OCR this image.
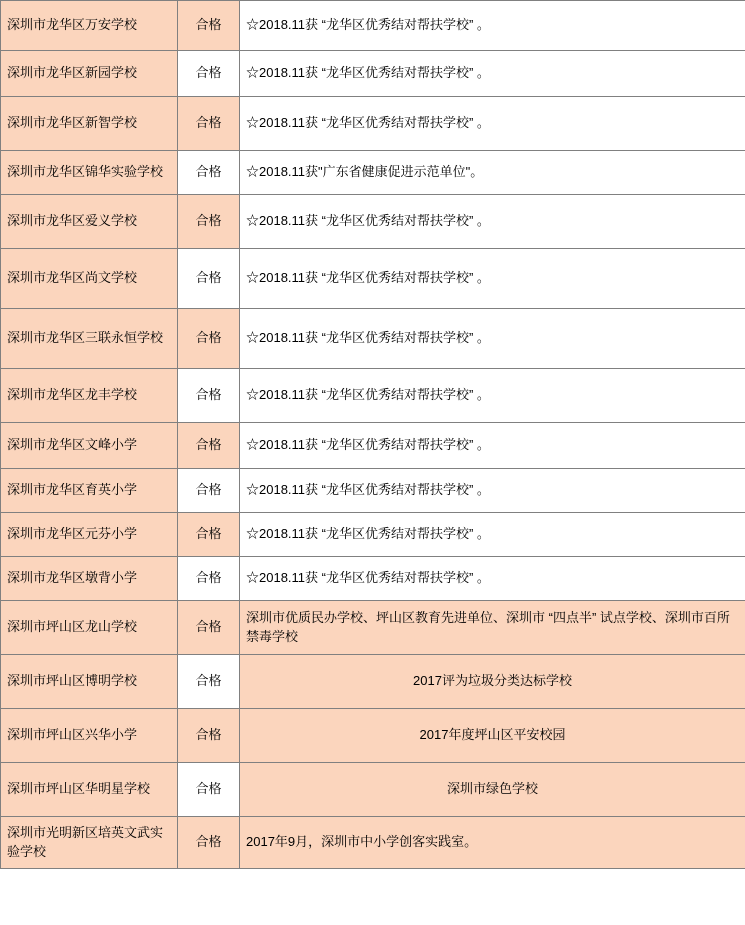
深圳市龙华区万安学校	合格	☆2018.11获 “龙华区优秀结对帮扶学校” 。
深圳市龙华区新园学校	合格	☆2018.11获 “龙华区优秀结对帮扶学校” 。
深圳市龙华区新智学校	合格	☆2018.11获 “龙华区优秀结对帮扶学校” 。
深圳市龙华区锦华实验学校	合格	☆2018.11获"广东省健康促进示范单位"。
深圳市龙华区爱义学校	合格	☆2018.11获 “龙华区优秀结对帮扶学校” 。
深圳市龙华区尚文学校	合格	☆2018.11获 “龙华区优秀结对帮扶学校” 。
深圳市龙华区三联永恒学校	合格	☆2018.11获 “龙华区优秀结对帮扶学校” 。
深圳市龙华区龙丰学校	合格	☆2018.11获 “龙华区优秀结对帮扶学校” 。
深圳市龙华区文峰小学	合格	☆2018.11获 “龙华区优秀结对帮扶学校” 。
深圳市龙华区育英小学	合格	☆2018.11获 “龙华区优秀结对帮扶学校” 。
深圳市龙华区元芬小学	合格	☆2018.11获 “龙华区优秀结对帮扶学校” 。
深圳市龙华区墩背小学	合格	☆2018.11获 “龙华区优秀结对帮扶学校” 。
深圳市坪山区龙山学校	合格	深圳市优质民办学校、坪山区教育先进单位、深圳市 “四点半” 试点学校、深圳市百所禁毒学校
深圳市坪山区博明学校	合格	2017评为垃圾分类达标学校
深圳市坪山区兴华小学	合格	2017年度坪山区平安校园
深圳市坪山区华明星学校	合格	深圳市绿色学校
深圳市光明新区培英文武实验学校	合格	2017年9月，深圳市中小学创客实践室。
